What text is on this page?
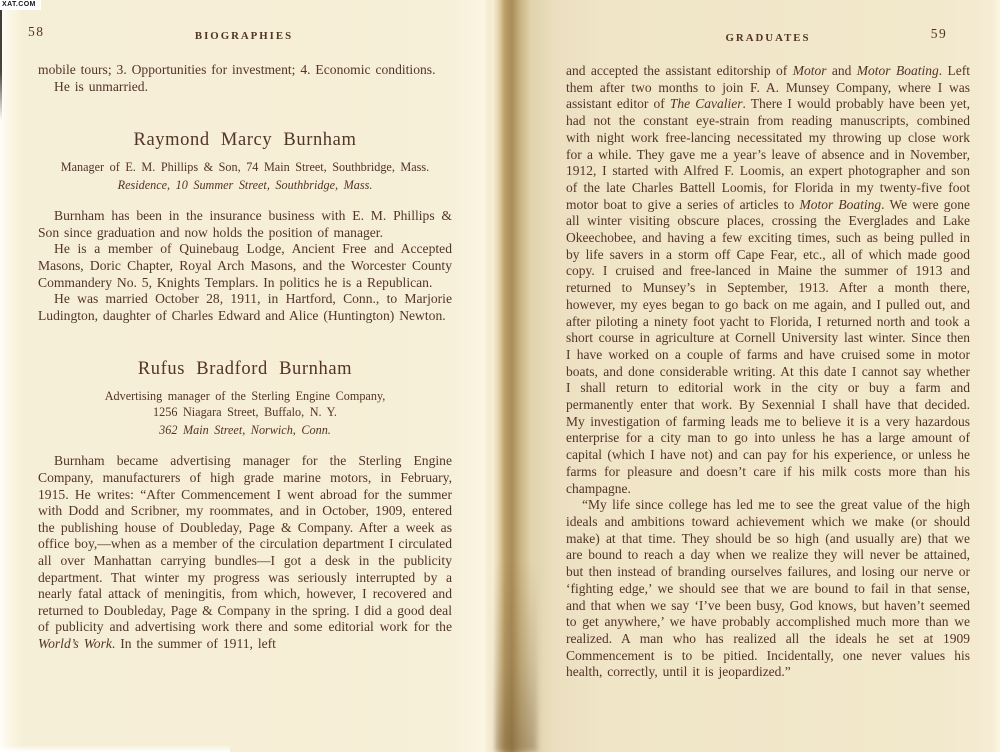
58	BIOGRAPHIES
mobile tours; 3. Opportunities for investment; 4. Economic conditions.
He is unmarried.
Raymond Marcy Burnham
Manager of E. M. Phillips & Son, 74 Main Street, Southbridge, Mass.
Residence, 10 Summer Street, Southbridge, Mass.
Burnham has been in the insurance business with E. M. Phillips & Son since graduation and now holds the position of manager.
He is a member of Quinebaug Lodge, Ancient Free and Accepted Masons, Doric Chapter, Royal Arch Masons, and the Worcester County Commandery No. 5, Knights Templars. In politics he is a Republican.
He was married October 28, 1911, in Hartford, Conn., to Marjorie Ludington, daughter of Charles Edward and Alice (Huntington) Newton.
Rufus Bradford Burnham
Advertising manager of the Sterling Engine Company,
1256 Niagara Street, Buffalo, N. Y.
362 Main Street, Norwich, Conn.
Burnham became advertising manager for the Sterling Engine Company, manufacturers of high grade marine motors, in February, 1915. He writes: “After Commencement I went abroad for the summer with Dodd and Scribner, my roommates, and in October, 1909, entered the publishing house of Doubleday, Page & Company. After a week as office boy,—when as a member of the circulation department I circulated all over Manhattan carrying bundles—I got a desk in the publicity department. That winter my progress was seriously interrupted by a nearly fatal attack of meningitis, from which, however, I recovered and returned to Doubleday, Page & Company in the spring. I did a good deal of publicity and advertising work there and some editorial work for the World’s Work. In the summer of 1911, left
GRADUATES	59
and accepted the assistant editorship of Motor and Motor Boating. Left them after two months to join F. A. Munsey Company, where I was assistant editor of The Cavalier. There I would probably have been yet, had not the constant eye-strain from reading manuscripts, combined with night work free-lancing necessitated my throwing up close work for a while. They gave me a year’s leave of absence and in November, 1912, I started with Alfred F. Loomis, an expert photographer and son of the late Charles Battell Loomis, for Florida in my twenty-five foot motor boat to give a series of articles to Motor Boating. We were gone all winter visiting obscure places, crossing the Everglades and Lake Okeechobee, and having a few exciting times, such as being pulled in by life savers in a storm off Cape Fear, etc., all of which made good copy. I cruised and free-lanced in Maine the summer of 1913 and returned to Munsey’s in September, 1913. After a month there, however, my eyes began to go back on me again, and I pulled out, and after piloting a ninety foot yacht to Florida, I returned north and took a short course in agriculture at Cornell University last winter. Since then I have worked on a couple of farms and have cruised some in motor boats, and done considerable writing. At this date I cannot say whether I shall return to editorial work in the city or buy a farm and permanently enter that work. By Sexennial I shall have that decided. My investigation of farming leads me to believe it is a very hazardous enterprise for a city man to go into unless he has a large amount of capital (which I have not) and can pay for his experience, or unless he farms for pleasure and doesn’t care if his milk costs more than his champagne.
“My life since college has led me to see the great value of the high ideals and ambitions toward achievement which we make (or should make) at that time. They should be so high (and usually are) that we are bound to reach a day when we realize they will never be attained, but then instead of branding ourselves failures, and losing our nerve or ‘fighting edge,’ we should see that we are bound to fail in that sense, and that when we say ‘I’ve been busy, God knows, but haven’t seemed to get anywhere,’ we have probably accomplished much more than we realized. A man who has realized all the ideals he set at 1909 Commencement is to be pitied. Incidentally, one never values his health, correctly, until it is jeopardized.”
XAT.COM
